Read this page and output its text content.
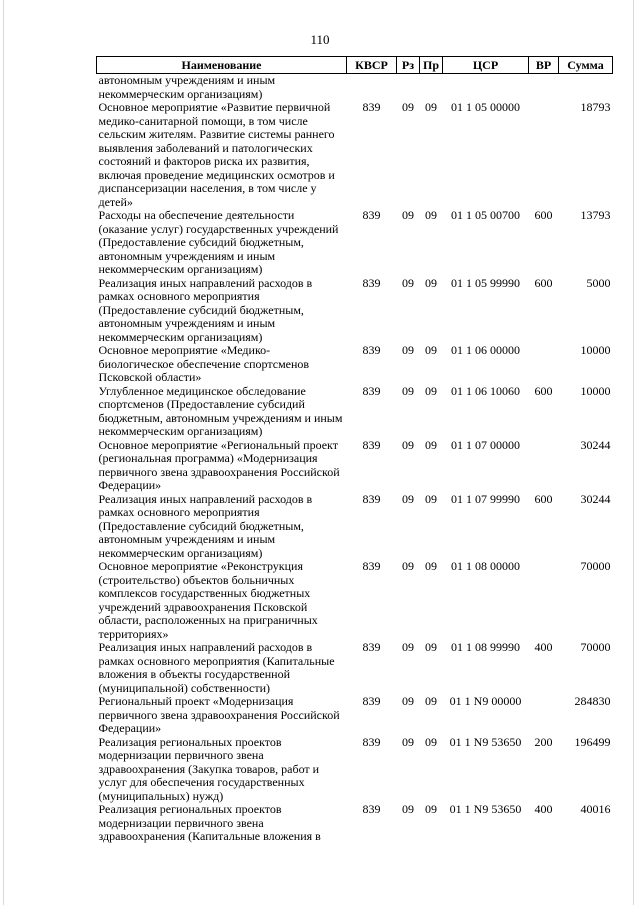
110
Наименование	КВСР	Рз	Пр	ЦСР	ВР	Сумма
автономным учреждениям и иным некоммерческим организациям)						
Основное мероприятие «Развитие первичной медико-санитарной помощи, в том числе сельским жителям. Развитие системы раннего выявления заболеваний и патологических состояний и факторов риска их развития, включая проведение медицинских осмотров и диспансеризации населения, в том числе у детей»	839	09	09	01 1 05 00000		18793
Расходы на обеспечение деятельности (оказание услуг) государственных учреждений (Предоставление субсидий бюджетным, автономным учреждениям и иным некоммерческим организациям)	839	09	09	01 1 05 00700	600	13793
Реализация иных направлений расходов в рамках основного мероприятия (Предоставление субсидий бюджетным, автономным учреждениям и иным некоммерческим организациям)	839	09	09	01 1 05 99990	600	5000
Основное мероприятие «Медико-биологическое обеспечение спортсменов Псковской области»	839	09	09	01 1 06 00000		10000
Углубленное медицинское обследование спортсменов (Предоставление субсидий бюджетным, автономным учреждениям и иным некоммерческим организациям)	839	09	09	01 1 06 10060	600	10000
Основное мероприятие «Региональный проект (региональная программа) «Модернизация первичного звена здравоохранения Российской Федерации»	839	09	09	01 1 07 00000		30244
Реализация иных направлений расходов в рамках основного мероприятия (Предоставление субсидий бюджетным, автономным учреждениям и иным некоммерческим организациям)	839	09	09	01 1 07 99990	600	30244
Основное мероприятие «Реконструкция (строительство) объектов больничных комплексов государственных бюджетных учреждений здравоохранения Псковской области, расположенных на приграничных территориях»	839	09	09	01 1 08 00000		70000
Реализация иных направлений расходов в рамках основного мероприятия (Капитальные вложения в объекты государственной (муниципальной) собственности)	839	09	09	01 1 08 99990	400	70000
Региональный проект «Модернизация первичного звена здравоохранения Российской Федерации»	839	09	09	01 1 N9 00000		284830
Реализация региональных проектов модернизации первичного звена здравоохранения (Закупка товаров, работ и услуг для обеспечения государственных (муниципальных) нужд)	839	09	09	01 1 N9 53650	200	196499
Реализация региональных проектов модернизации первичного звена здравоохранения (Капитальные вложения в	839	09	09	01 1 N9 53650	400	40016
